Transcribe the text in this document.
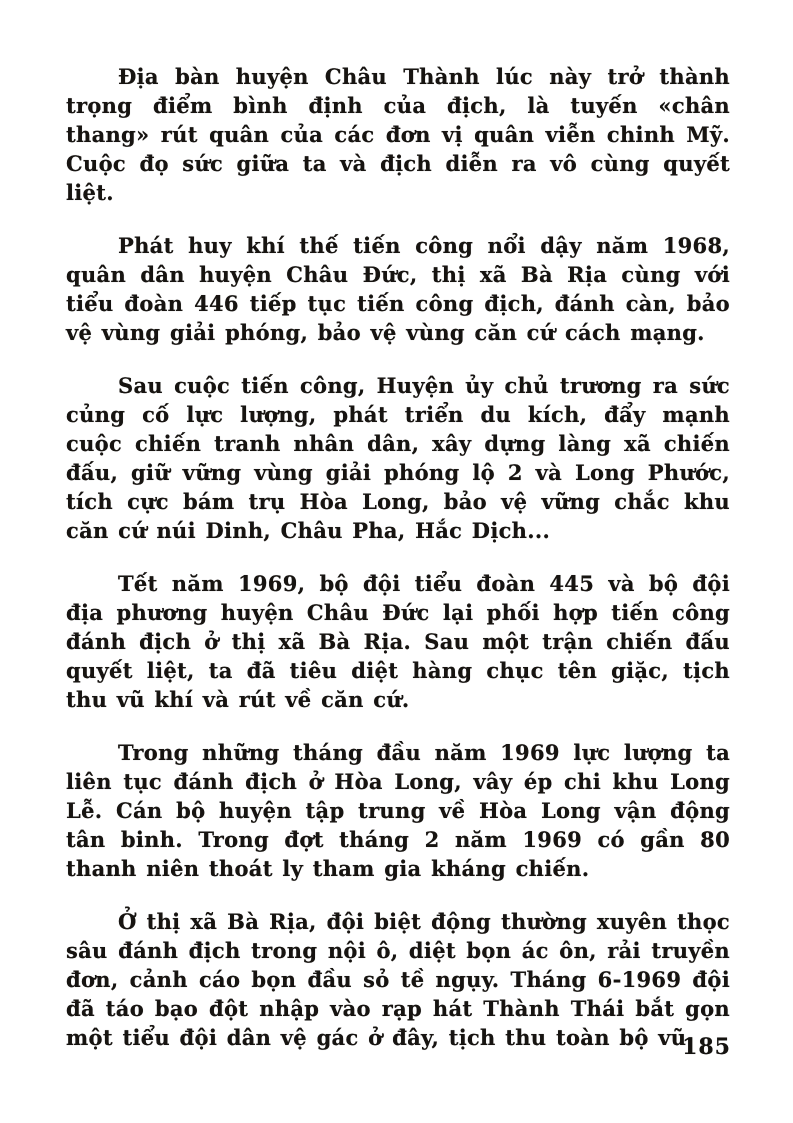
Địa bàn huyện Châu Thành lúc này trở thành trọng điểm bình định của địch, là tuyến «chân thang» rút quân của các đơn vị quân viễn chinh Mỹ. Cuộc đọ sức giữa ta và địch diễn ra vô cùng quyết liệt.

Phát huy khí thế tiến công nổi dậy năm 1968, quân dân huyện Châu Đức, thị xã Bà Rịa cùng với tiểu đoàn 446 tiếp tục tiến công địch, đánh càn, bảo vệ vùng giải phóng, bảo vệ vùng căn cứ cách mạng.

Sau cuộc tiến công, Huyện ủy chủ trương ra sức củng cố lực lượng, phát triển du kích, đẩy mạnh cuộc chiến tranh nhân dân, xây dựng làng xã chiến đấu, giữ vững vùng giải phóng lộ 2 và Long Phước, tích cực bám trụ Hòa Long, bảo vệ vững chắc khu căn cứ núi Dinh, Châu Pha, Hắc Dịch...

Tết năm 1969, bộ đội tiểu đoàn 445 và bộ đội địa phương huyện Châu Đức lại phối hợp tiến công đánh địch ở thị xã Bà Rịa. Sau một trận chiến đấu quyết liệt, ta đã tiêu diệt hàng chục tên giặc, tịch thu vũ khí và rút về căn cứ.

Trong những tháng đầu năm 1969 lực lượng ta liên tục đánh địch ở Hòa Long, vây ép chi khu Long Lễ. Cán bộ huyện tập trung về Hòa Long vận động tân binh. Trong đợt tháng 2 năm 1969 có gần 80 thanh niên thoát ly tham gia kháng chiến.

Ở thị xã Bà Rịa, đội biệt động thường xuyên thọc sâu đánh địch trong nội ô, diệt bọn ác ôn, rải truyền đơn, cảnh cáo bọn đầu sỏ tề ngụy. Tháng 6-1969 đội đã táo bạo đột nhập vào rạp hát Thành Thái bắt gọn một tiểu đội dân vệ gác ở đây, tịch thu toàn bộ vũ

185
